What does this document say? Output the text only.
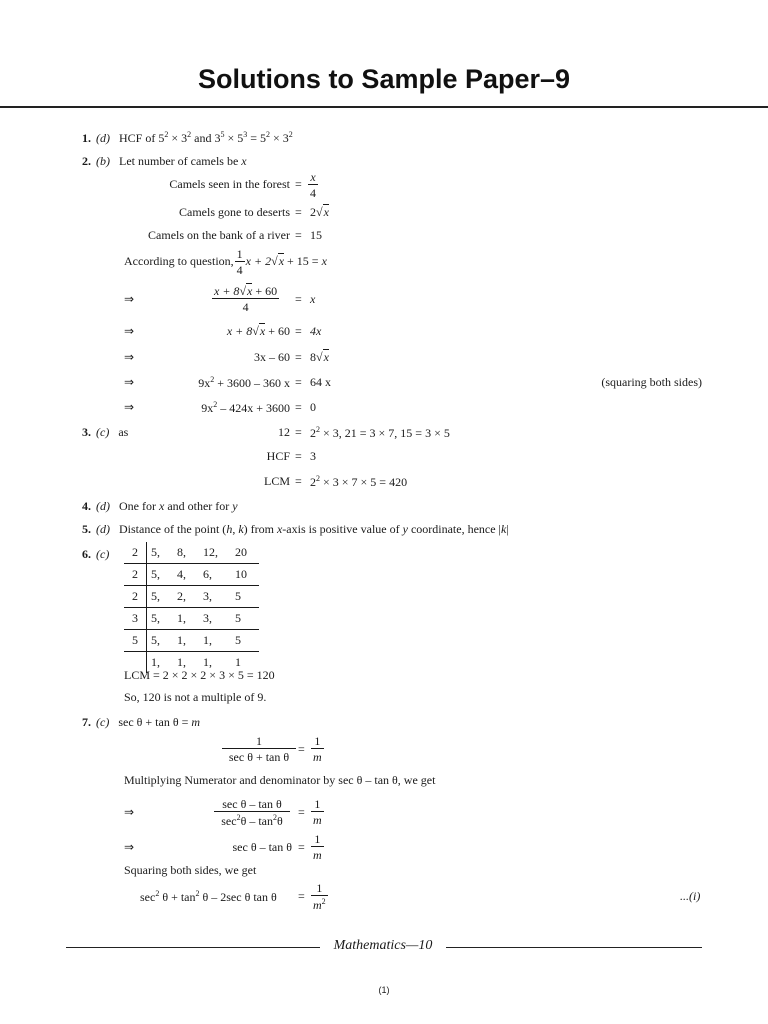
Solutions to Sample Paper–9
1. (d) HCF of $5^2 \times 3^2$ and $3^5 \times 5^3 = 5^2 \times 3^2$
2. (b) Let number of camels be x
Camels seen in the forest = $\frac{x}{4}$
Camels gone to deserts = 2√x
Camels on the bank of a river = 15
According to question, $\frac{1}{4}$ x + 2√x + 15 = x
⇒	$\frac{x + 8√x + 60}{4} = x$
⇒	x + 8√x + 60 = 4x
⇒	3x – 60 = 8√x
⇒	$9x^2 + 3600 - 360$ x = 64 x	(squaring both sides)
⇒	$9x^2 - 424x + 3600 = 0$
3. (c) as	$12 = 2^2 \times 3$, 21 = 3 × 7, 15 = 3 × 5
HCF = 3
LCM = $2^2 \times 3 \times 7 \times 5 = 420$
4. (d) One for x and other for y
5. (d) Distance of the point (h, k) from x-axis is positive value of y coordinate, hence |k|
6. (c) 2	5,	8,	12,	20
2	5,	4,	6,	10
2	5,	2,	3,	5
3	5,	1,	3,	5
5	5,	1,	1,	5
	1,	1,	1,	1
LCM = 2 × 2 × 2 × 3 × 5 = 120
So, 120 is not a multiple of 9.
7. (c) sec θ + tan θ = m
$\frac{1}{\text{sec θ + tan θ}} = \frac{1}{m}$
Multiplying Numerator and denominator by sec θ – tan θ, we get
⇒	$\frac{\text{sec θ – tan θ}}{\sec^2\theta - \tan^2\theta} = \frac{1}{m}$
⇒	$\sec \theta - \tan \theta = \frac{1}{m}$
Squaring both sides, we get
$\sec^2 \theta + \tan^2 \theta - 2\sec$ θ $\tan \theta = \frac{1}{m^2}$	...(i)
Mathematics—10
(1)
